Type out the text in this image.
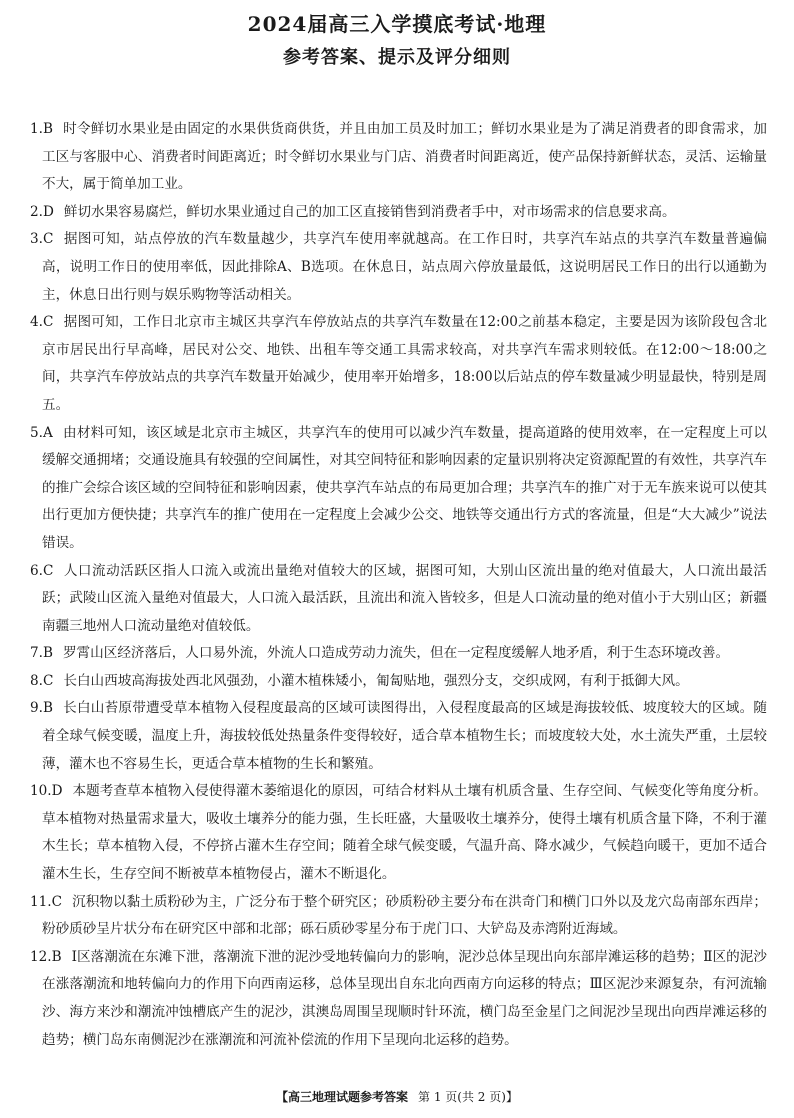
2024届高三入学摸底考试·地理
参考答案、提示及评分细则

1.B 时令鲜切水果业是由固定的水果供货商供货，并且由加工员及时加工；鲜切水果业是为了满足消费者的即食需求，加工区与客服中心、消费者时间距离近；时令鲜切水果业与门店、消费者时间距离近，使产品保持新鲜状态，灵活、运输量不大，属于简单加工业。

2.D 鲜切水果容易腐烂，鲜切水果业通过自己的加工区直接销售到消费者手中，对市场需求的信息要求高。

3.C 据图可知，站点停放的汽车数量越少，共享汽车使用率就越高。在工作日时，共享汽车站点的共享汽车数量普遍偏高，说明工作日的使用率低，因此排除A、B选项。在休息日，站点周六停放量最低，这说明居民工作日的出行以通勤为主，休息日出行则与娱乐购物等活动相关。

4.C 据图可知，工作日北京市主城区共享汽车停放站点的共享汽车数量在12:00之前基本稳定，主要是因为该阶段包含北京市居民出行早高峰，居民对公交、地铁、出租车等交通工具需求较高，对共享汽车需求则较低。在12:00～18:00之间，共享汽车停放站点的共享汽车数量开始减少，使用率开始增多，18:00以后站点的停车数量减少明显最快，特别是周五。

5.A 由材料可知，该区域是北京市主城区，共享汽车的使用可以减少汽车数量，提高道路的使用效率，在一定程度上可以缓解交通拥堵；交通设施具有较强的空间属性，对其空间特征和影响因素的定量识别将决定资源配置的有效性，共享汽车的推广会综合该区域的空间特征和影响因素，使共享汽车站点的布局更加合理；共享汽车的推广对于无车族来说可以使其出行更加方便快捷；共享汽车的推广使用在一定程度上会减少公交、地铁等交通出行方式的客流量，但是“大大减少”说法错误。

6.C 人口流动活跃区指人口流入或流出量绝对值较大的区域，据图可知，大别山区流出量的绝对值最大，人口流出最活跃；武陵山区流入量绝对值最大，人口流入最活跃，且流出和流入皆较多，但是人口流动量的绝对值小于大别山区；新疆南疆三地州人口流动量绝对值较低。

7.B 罗霄山区经济落后，人口易外流，外流人口造成劳动力流失，但在一定程度缓解人地矛盾，利于生态环境改善。

8.C 长白山西坡高海拔处西北风强劲，小灌木植株矮小，匍匐贴地，强烈分支，交织成网，有利于抵御大风。

9.B 长白山苔原带遭受草本植物入侵程度最高的区域可读图得出，入侵程度最高的区域是海拔较低、坡度较大的区域。随着全球气候变暖，温度上升，海拔较低处热量条件变得较好，适合草本植物生长；而坡度较大处，水土流失严重，土层较薄，灌木也不容易生长，更适合草本植物的生长和繁殖。

10.D 本题考查草本植物入侵使得灌木萎缩退化的原因，可结合材料从土壤有机质含量、生存空间、气候变化等角度分析。草本植物对热量需求量大，吸收土壤养分的能力强，生长旺盛，大量吸收土壤养分，使得土壤有机质含量下降，不利于灌木生长；草本植物入侵，不停挤占灌木生存空间；随着全球气候变暖，气温升高、降水减少，气候趋向暖干，更加不适合灌木生长，生存空间不断被草本植物侵占，灌木不断退化。

11.C 沉积物以黏土质粉砂为主，广泛分布于整个研究区；砂质粉砂主要分布在洪奇门和横门口外以及龙穴岛南部东西岸；粉砂质砂呈片状分布在研究区中部和北部；砾石质砂零星分布于虎门口、大铲岛及赤湾附近海域。

12.B Ⅰ区落潮流在东滩下泄，落潮流下泄的泥沙受地转偏向力的影响，泥沙总体呈现出向东部岸滩运移的趋势；Ⅱ区的泥沙在涨落潮流和地转偏向力的作用下向西南运移，总体呈现出自东北向西南方向运移的特点；Ⅲ区泥沙来源复杂，有河流输沙、海方来沙和潮流冲蚀槽底产生的泥沙，淇澳岛周围呈现顺时针环流，横门岛至金星门之间泥沙呈现出向西岸滩运移的趋势；横门岛东南侧泥沙在涨潮流和河流补偿流的作用下呈现向北运移的趋势。

【高三地理试题参考答案 第 1 页(共 2 页)】
